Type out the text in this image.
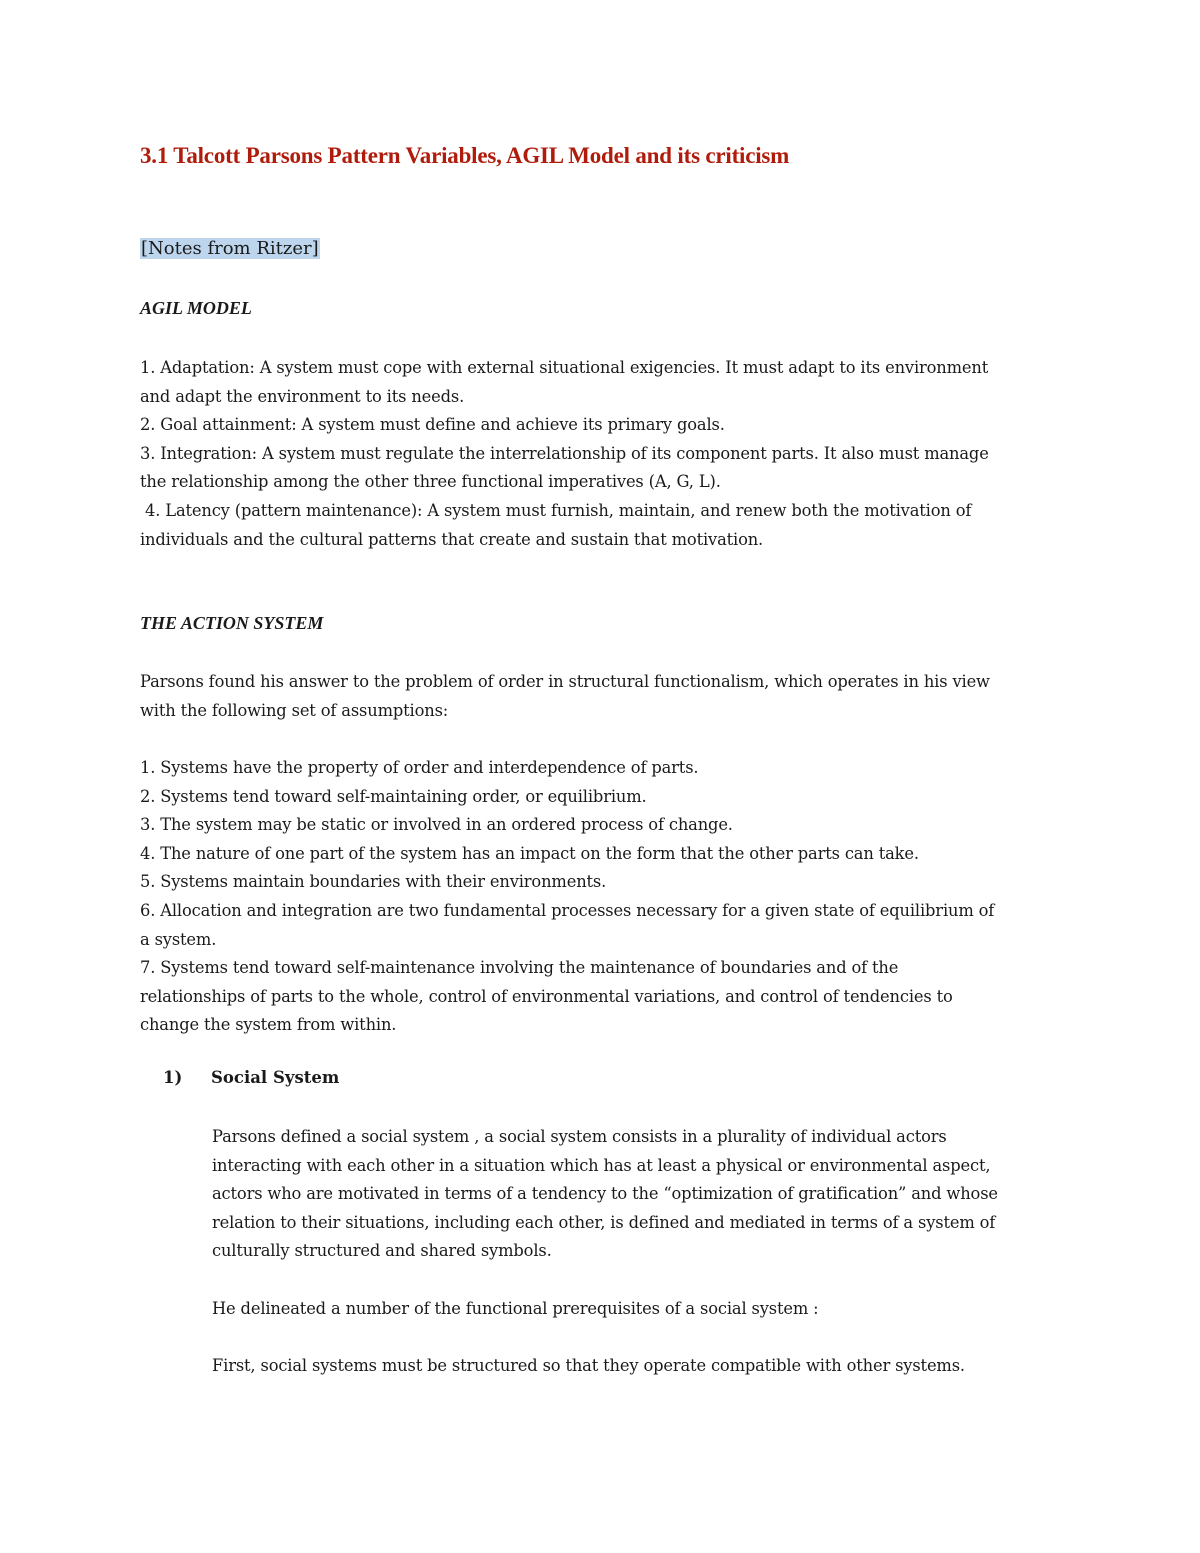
3.1 Talcott Parsons Pattern Variables, AGIL Model and its criticism
[Notes from Ritzer]
AGIL MODEL
1. Adaptation: A system must cope with external situational exigencies. It must adapt to its environment
and adapt the environment to its needs.
2. Goal attainment: A system must define and achieve its primary goals.
3. Integration: A system must regulate the interrelationship of its component parts. It also must manage
the relationship among the other three functional imperatives (A, G, L).
4. Latency (pattern maintenance): A system must furnish, maintain, and renew both the motivation of
individuals and the cultural patterns that create and sustain that motivation.
THE ACTION SYSTEM
Parsons found his answer to the problem of order in structural functionalism, which operates in his view
with the following set of assumptions:
1. Systems have the property of order and interdependence of parts.
2. Systems tend toward self-maintaining order, or equilibrium.
3. The system may be static or involved in an ordered process of change.
4. The nature of one part of the system has an impact on the form that the other parts can take.
5. Systems maintain boundaries with their environments.
6. Allocation and integration are two fundamental processes necessary for a given state of equilibrium of
a system.
7. Systems tend toward self-maintenance involving the maintenance of boundaries and of the
relationships of parts to the whole, control of environmental variations, and control of tendencies to
change the system from within.
1) Social System
Parsons defined a social system , a social system consists in a plurality of individual actors
interacting with each other in a situation which has at least a physical or environmental aspect,
actors who are motivated in terms of a tendency to the “optimization of gratification” and whose
relation to their situations, including each other, is defined and mediated in terms of a system of
culturally structured and shared symbols.
He delineated a number of the functional prerequisites of a social system :
First, social systems must be structured so that they operate compatible with other systems.
